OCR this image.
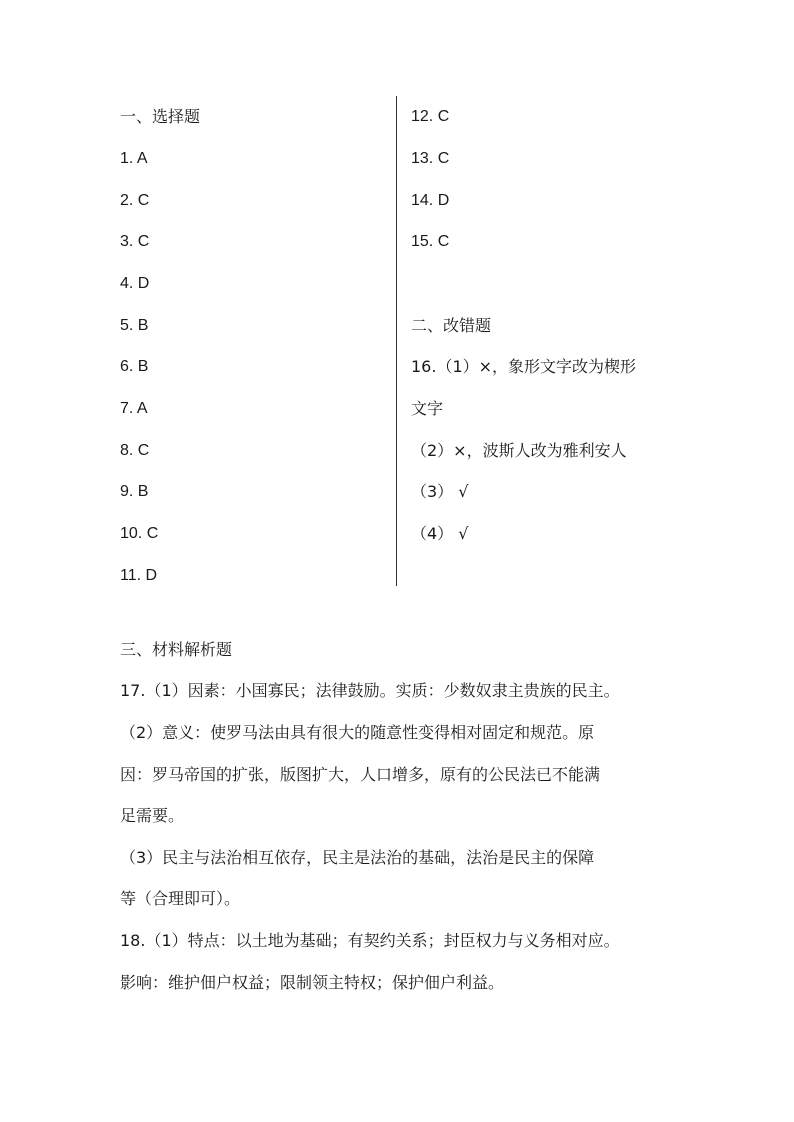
一、选择题
1. A
2. C
3. C
4. D
5. B
6. B
7. A
8. C
9. B
10. C
11. D
12. C
13. C
14. D
15. C
二、改错题
16.（1）×，象形文字改为楔形
文字
（2）×，波斯人改为雅利安人
（3） √
（4） √
三、材料解析题
17.（1）因素：小国寡民；法律鼓励。实质：少数奴隶主贵族的民主。
（2）意义：使罗马法由具有很大的随意性变得相对固定和规范。原
因：罗马帝国的扩张，版图扩大，人口增多，原有的公民法已不能满
足需要。
（3）民主与法治相互依存，民主是法治的基础，法治是民主的保障
等（合理即可）。
18.（1）特点：以土地为基础；有契约关系；封臣权力与义务相对应。
影响：维护佃户权益；限制领主特权；保护佃户利益。
